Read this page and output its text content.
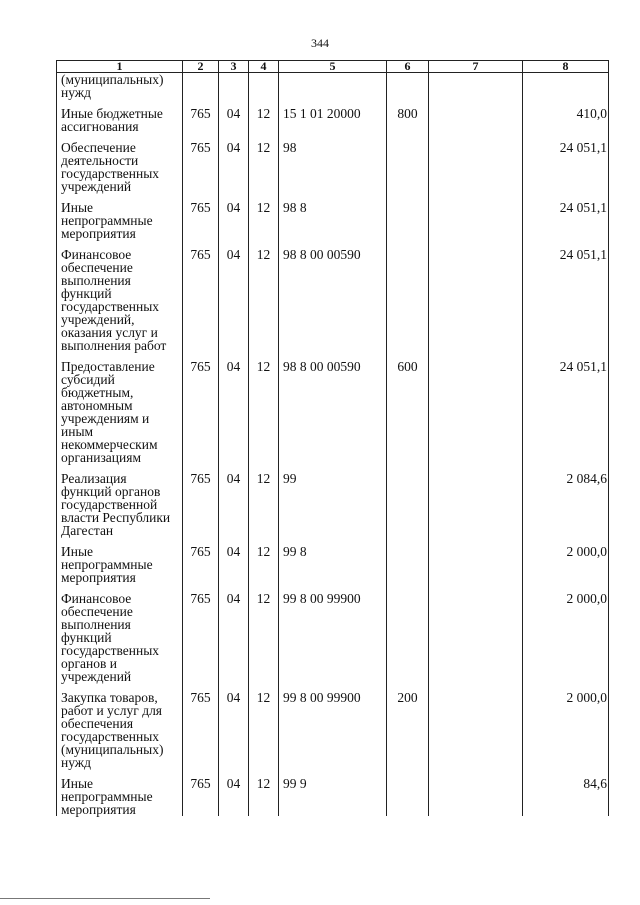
344
1	2	3	4	5	6	7	8
(муниципальных) нужд							
Иные бюджетные ассигнования	765	04	12	15 1 01 20000	800		410,0
Обеспечение деятельности государственных учреждений	765	04	12	98			24 051,1
Иные непрограммные мероприятия	765	04	12	98 8			24 051,1
Финансовое обеспечение выполнения функций государственных учреждений, оказания услуг и выполнения работ	765	04	12	98 8 00 00590			24 051,1
Предоставление субсидий бюджетным, автономным учреждениям и иным некоммерческим организациям	765	04	12	98 8 00 00590	600		24 051,1
Реализация функций органов государственной власти Республики Дагестан	765	04	12	99			2 084,6
Иные непрограммные мероприятия	765	04	12	99 8			2 000,0
Финансовое обеспечение выполнения функций государственных органов и учреждений	765	04	12	99 8 00 99900			2 000,0
Закупка товаров, работ и услуг для обеспечения государственных (муниципальных) нужд	765	04	12	99 8 00 99900	200		2 000,0
Иные непрограммные мероприятия	765	04	12	99 9			84,6
